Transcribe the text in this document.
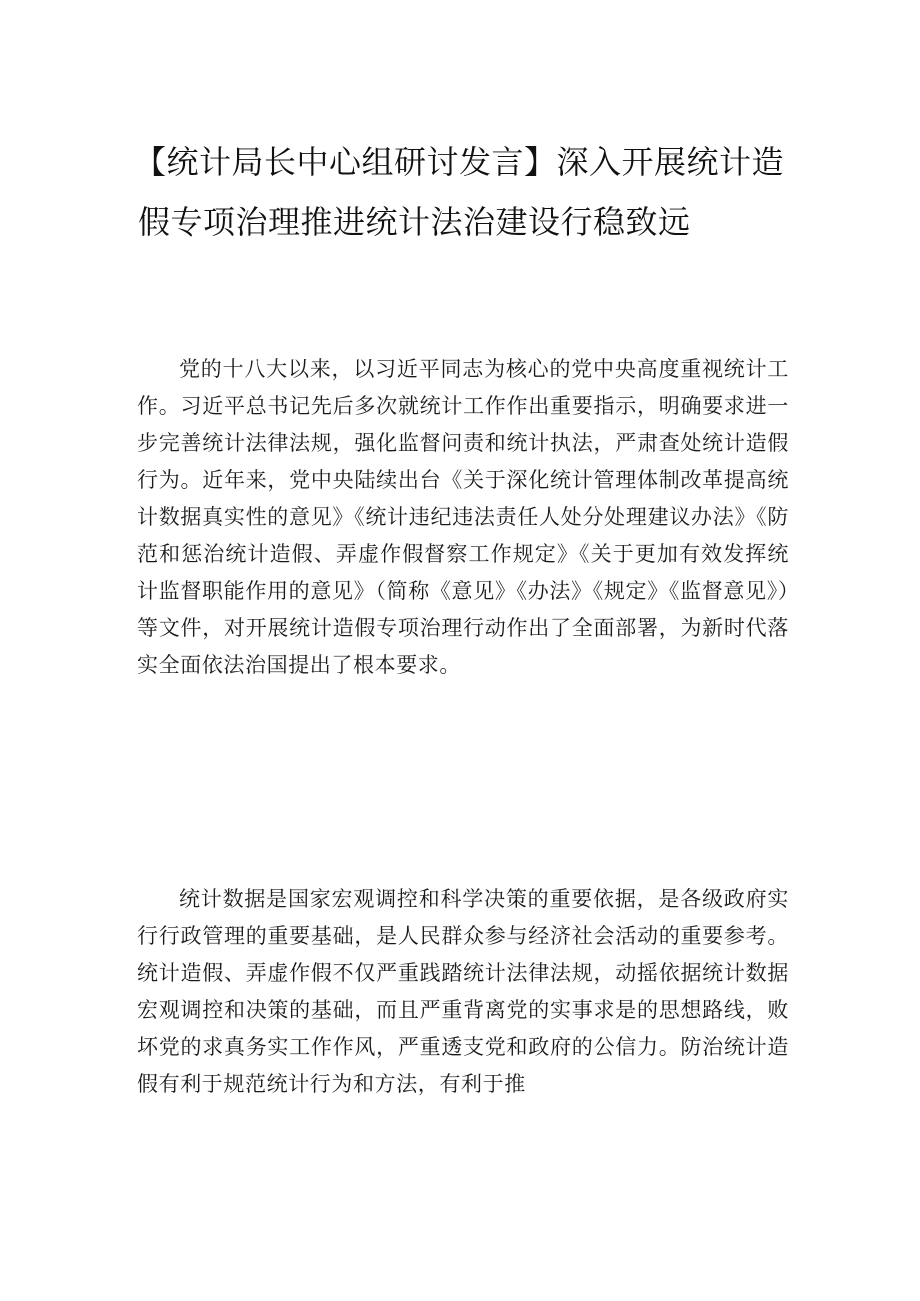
【统计局长中心组研讨发言】深入开展统计造
假专项治理推进统计法治建设行稳致远

党的十八大以来，以习近平同志为核心的党中央高度重视统计工作。习近平总书记先后多次就统计工作作出重要指示，明确要求进一步完善统计法律法规，强化监督问责和统计执法，严肃查处统计造假行为。近年来，党中央陆续出台《关于深化统计管理体制改革提高统计数据真实性的意见》《统计违纪违法责任人处分处理建议办法》《防范和惩治统计造假、弄虚作假督察工作规定》《关于更加有效发挥统计监督职能作用的意见》（简称《意见》《办法》《规定》《监督意见》）等文件，对开展统计造假专项治理行动作出了全面部署，为新时代落实全面依法治国提出了根本要求。

统计数据是国家宏观调控和科学决策的重要依据，是各级政府实行行政管理的重要基础，是人民群众参与经济社会活动的重要参考。统计造假、弄虚作假不仅严重践踏统计法律法规，动摇依据统计数据宏观调控和决策的基础，而且严重背离党的实事求是的思想路线，败坏党的求真务实工作作风，严重透支党和政府的公信力。防治统计造假有利于规范统计行为和方法，有利于推
